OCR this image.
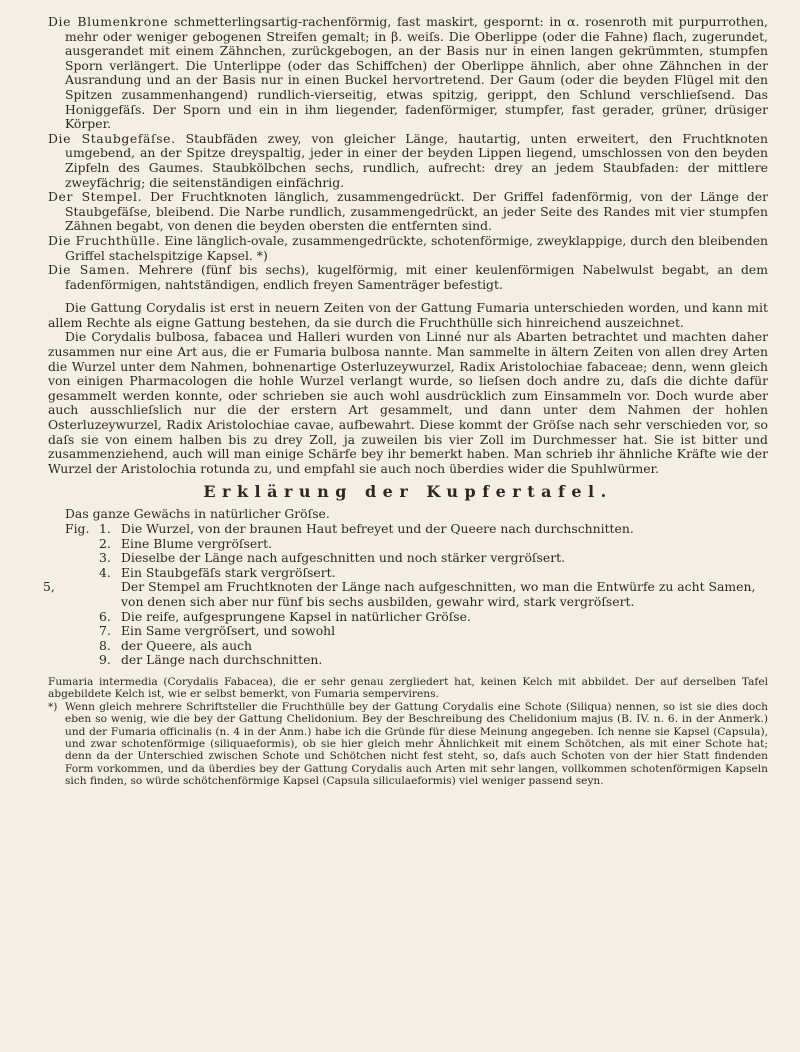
Die Blumenkrone schmetterlingsartig-rachenförmig, fast maskirt, gespornt: in α. rosenroth mit purpurrothen, mehr oder weniger gebogenen Streifen gemalt; in β. weiſs. Die Oberlippe (oder die Fahne) flach, zugerundet, ausgerandet mit einem Zähnchen, zurückgebogen, an der Basis nur in einen langen gekrümmten, stumpfen Sporn verlängert. Die Unterlippe (oder das Schiffchen) der Oberlippe ähnlich, aber ohne Zähnchen in der Ausrandung und an der Basis nur in einen Buckel hervortretend. Der Gaum (oder die beyden Flügel mit den Spitzen zusammenhangend) rundlich-vierseitig, etwas spitzig, gerippt, den Schlund verschlieſsend. Das Honiggefäſs. Der Sporn und ein in ihm liegender, fadenförmiger, stumpfer, fast gerader, grüner, drüsiger Körper.

Die Staubgefäſse. Staubfäden zwey, von gleicher Länge, hautartig, unten erweitert, den Fruchtknoten umgebend, an der Spitze dreyspaltig, jeder in einer der beyden Lippen liegend, umschlossen von den beyden Zipfeln des Gaumes. Staubkölbchen sechs, rundlich, aufrecht: drey an jedem Staubfaden: der mittlere zweyfächrig; die seitenständigen einfächrig.

Der Stempel. Der Fruchtknoten länglich, zusammengedrückt. Der Griffel fadenförmig, von der Länge der Staubgefäſse, bleibend. Die Narbe rundlich, zusammengedrückt, an jeder Seite des Randes mit vier stumpfen Zähnen begabt, von denen die beyden obersten die entfernten sind.

Die Fruchthülle. Eine länglich-ovale, zusammengedrückte, schotenförmige, zweyklappige, durch den bleibenden Griffel stachelspitzige Kapsel. *)

Die Samen. Mehrere (fünf bis sechs), kugelförmig, mit einer keulenförmigen Nabelwulst begabt, an dem fadenförmigen, nahtständigen, endlich freyen Samenträger befestigt.

Die Gattung Corydalis ist erst in neuern Zeiten von der Gattung Fumaria unterschieden worden, und kann mit allem Rechte als eigne Gattung bestehen, da sie durch die Fruchthülle sich hinreichend auszeichnet.

Die Corydalis bulbosa, fabacea und Halleri wurden von Linné nur als Abarten betrachtet und machten daher zusammen nur eine Art aus, die er Fumaria bulbosa nannte. Man sammelte in ältern Zeiten von allen drey Arten die Wurzel unter dem Nahmen, bohnenartige Osterluzeywurzel, Radix Aristolochiae fabaceae; denn, wenn gleich von einigen Pharmacologen die hohle Wurzel verlangt wurde, so lieſsen doch andre zu, daſs die dichte dafür gesammelt werden konnte, oder schrieben sie auch wohl ausdrücklich zum Einsammeln vor. Doch wurde aber auch ausschlieſslich nur die der erstern Art gesammelt, und dann unter dem Nahmen der hohlen Osterluzeywurzel, Radix Aristolochiae cavae, aufbewahrt. Diese kommt der Gröſse nach sehr verschieden vor, so daſs sie von einem halben bis zu drey Zoll, ja zuweilen bis vier Zoll im Durchmesser hat. Sie ist bitter und zusammenziehend, auch will man einige Schärfe bey ihr bemerkt haben. Man schrieb ihr ähnliche Kräfte wie der Wurzel der Aristolochia rotunda zu, und empfahl sie auch noch überdies wider die Spuhlwürmer.

Erklärung der Kupfertafel.

Das ganze Gewächs in natürlicher Gröſse.

Fig. 1. Die Wurzel, von der braunen Haut befreyet und der Queere nach durchschnitten.

2. Eine Blume vergröſsert.

3. Dieselbe der Länge nach aufgeschnitten und noch stärker vergröſsert.

4. Ein Staubgefäſs stark vergröſsert.

5,	Der Stempel am Fruchtknoten der Länge nach aufgeschnitten, wo man die Entwürfe zu acht Samen, von denen sich aber nur fünf bis sechs ausbilden, gewahr wird, stark vergröſsert.

6. Die reife, aufgesprungene Kapsel in natürlicher Gröſse.

7. Ein Same vergröſsert, und sowohl

8. der Queere, als auch

9. der Länge nach durchschnitten.

Fumaria intermedia (Corydalis Fabacea), die er sehr genau zergliedert hat, keinen Kelch mit abbildet. Der auf derselben Tafel abgebildete Kelch ist, wie er selbst bemerkt, von Fumaria sempervirens.

*) Wenn gleich mehrere Schriftsteller die Fruchthülle bey der Gattung Corydalis eine Schote (Siliqua) nennen, so ist sie dies doch eben so wenig, wie die bey der Gattung Chelidonium. Bey der Beschreibung des Chelidonium majus (B. IV. n. 6. in der Anmerk.) und der Fumaria officinalis (n. 4 in der Anm.) habe ich die Gründe für diese Meinung angegeben. Ich nenne sie Kapsel (Capsula), und zwar schotenförmige (siliquaeformis), ob sie hier gleich mehr Ähnlichkeit mit einem Schötchen, als mit einer Schote hat; denn da der Unterschied zwischen Schote und Schötchen nicht fest steht, so, daſs auch Schoten von der hier Statt findenden Form vorkommen, und da überdies bey der Gattung Corydalis auch Arten mit sehr langen, vollkommen schotenförmigen Kapseln sich finden, so würde schötchenförmige Kapsel (Capsula siliculaeformis) viel weniger passend seyn.
